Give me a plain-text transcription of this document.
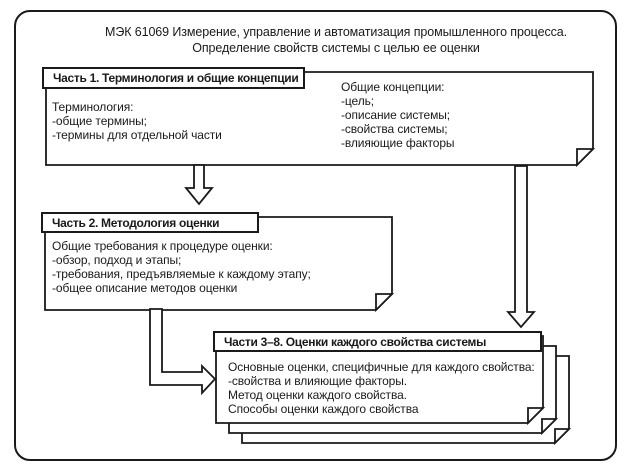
МЭК 61069 Измерение, управление и автоматизация промышленного процесса.
Определение свойств системы с целью ее оценки
Часть 1. Терминология и общие концепции
Часть 2. Методология оценки
Части 3–8. Оценки каждого свойства системы
Терминология:
-общие термины;
-термины для отдельной части
Общие концепции:
-цель;
-описание системы;
-свойства системы;
-влияющие факторы
Общие требования к процедуре оценки:
-обзор, подход и этапы;
-требования, предъявляемые к каждому этапу;
-общее описание методов оценки
Основные оценки, специфичные для каждого свойства:
-свойства и влияющие факторы.
Метод оценки каждого свойства.
Способы оценки каждого свойства
